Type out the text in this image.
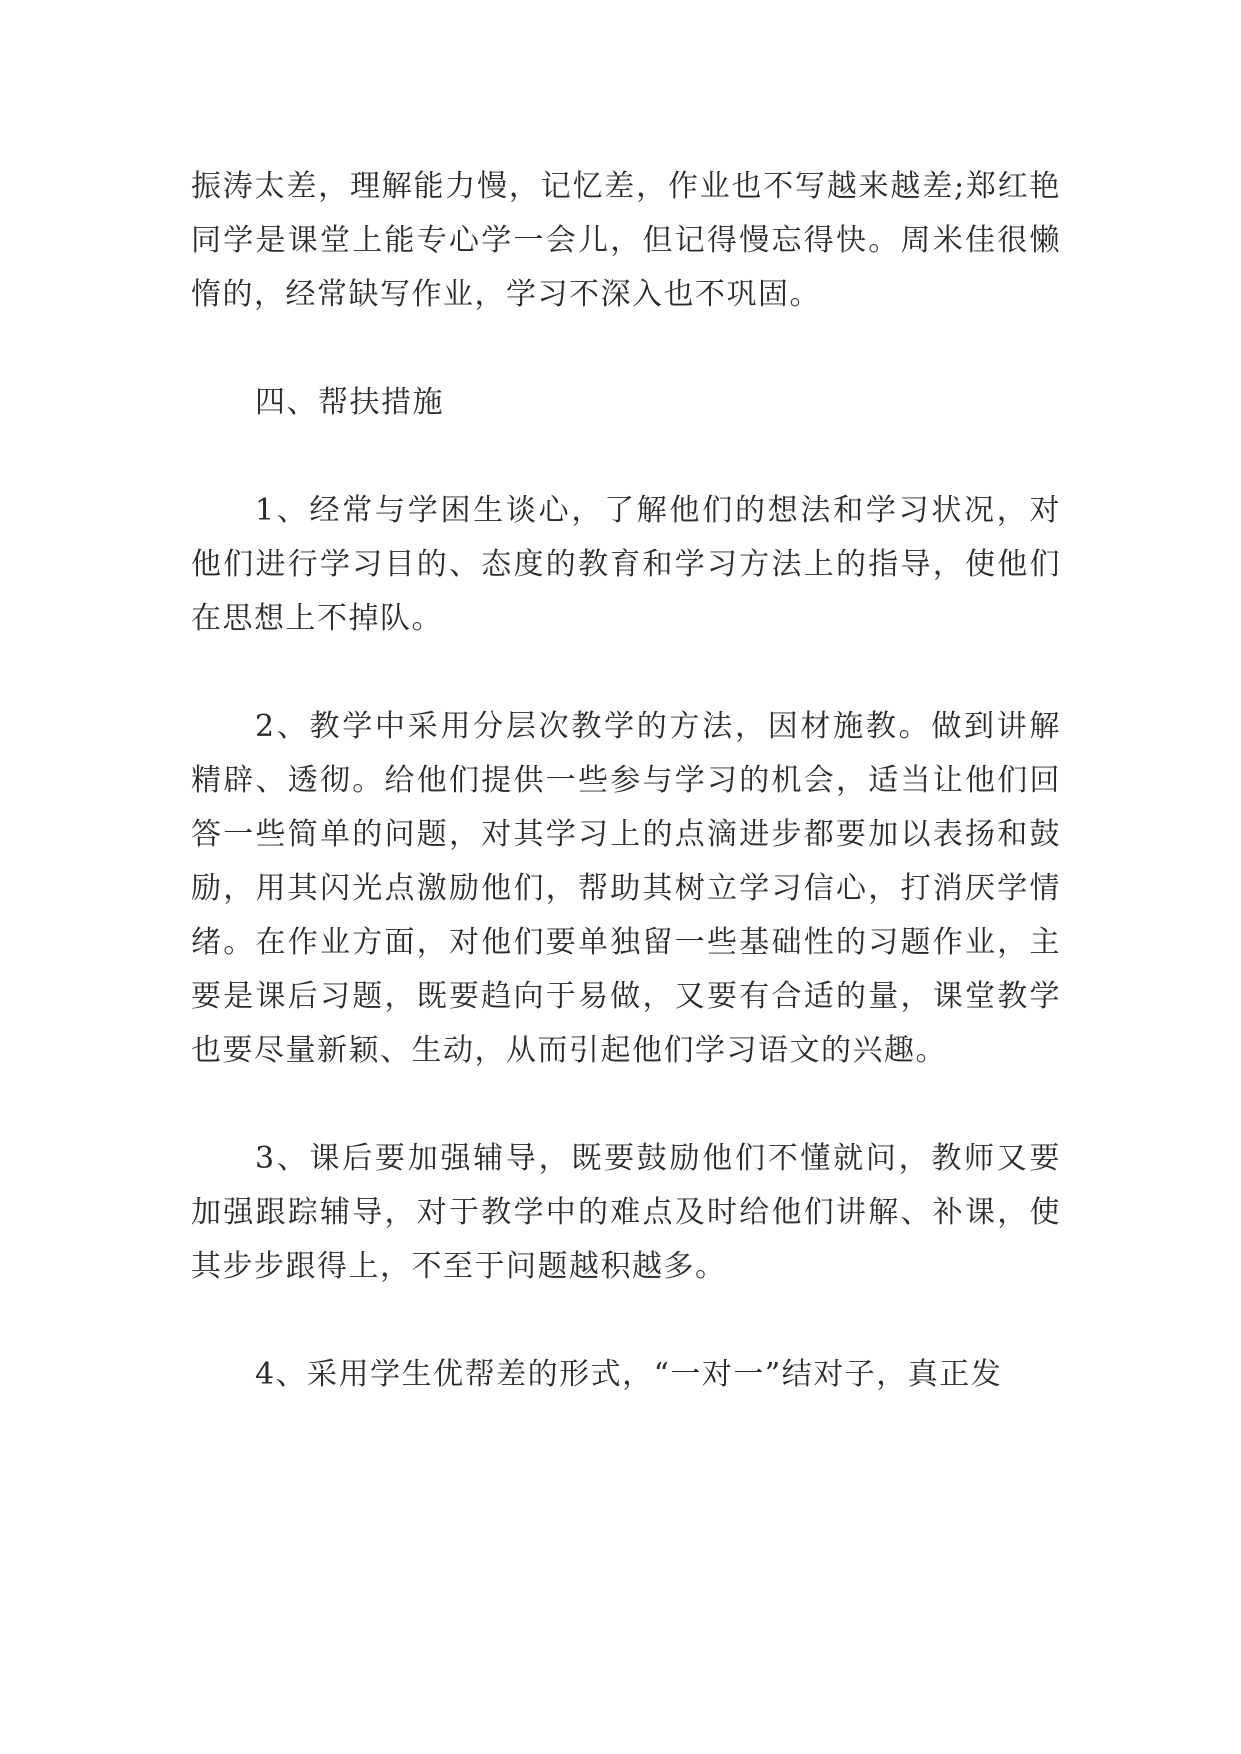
振涛太差，理解能力慢，记忆差，作业也不写越来越差;郑红艳同学是课堂上能专心学一会儿，但记得慢忘得快。周米佳很懒惰的，经常缺写作业，学习不深入也不巩固。

四、帮扶措施

1、经常与学困生谈心，了解他们的想法和学习状况，对他们进行学习目的、态度的教育和学习方法上的指导，使他们在思想上不掉队。

2、教学中采用分层次教学的方法，因材施教。做到讲解精辟、透彻。给他们提供一些参与学习的机会，适当让他们回答一些简单的问题，对其学习上的点滴进步都要加以表扬和鼓励，用其闪光点激励他们，帮助其树立学习信心，打消厌学情绪。在作业方面，对他们要单独留一些基础性的习题作业，主要是课后习题，既要趋向于易做，又要有合适的量，课堂教学也要尽量新颖、生动，从而引起他们学习语文的兴趣。

3、课后要加强辅导，既要鼓励他们不懂就问，教师又要加强跟踪辅导，对于教学中的难点及时给他们讲解、补课，使其步步跟得上，不至于问题越积越多。

4、采用学生优帮差的形式，“一对一”结对子，真正发
